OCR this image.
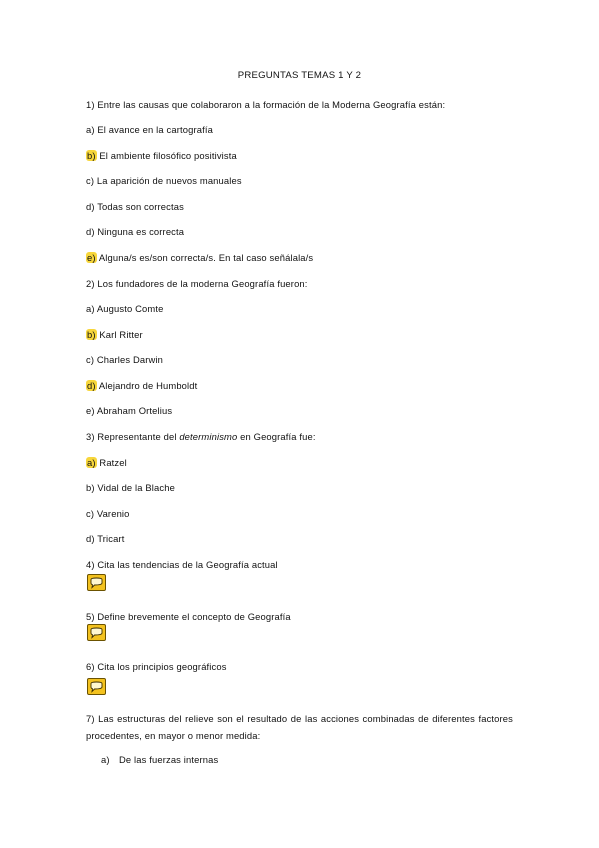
PREGUNTAS TEMAS 1 Y 2
1) Entre las causas que colaboraron a la formación de la Moderna Geografía están:
a) El avance en la cartografía
b) El ambiente filosófico positivista
c) La aparición de nuevos manuales
d) Todas son correctas
d) Ninguna es correcta
e) Alguna/s es/son correcta/s. En tal caso señálala/s
2) Los fundadores de la moderna Geografía fueron:
a) Augusto Comte
b) Karl Ritter
c) Charles Darwin
d) Alejandro de Humboldt
e) Abraham Ortelius
3) Representante del determinismo en Geografía fue:
a) Ratzel
b) Vidal de la Blache
c) Varenio
d) Tricart
4) Cita las tendencias de la Geografía actual
5) Define brevemente el concepto de Geografía
6) Cita los principios geográficos
7) Las estructuras del relieve son el resultado de las acciones combinadas de diferentes factores procedentes, en mayor o menor medida:
a) De las fuerzas internas
